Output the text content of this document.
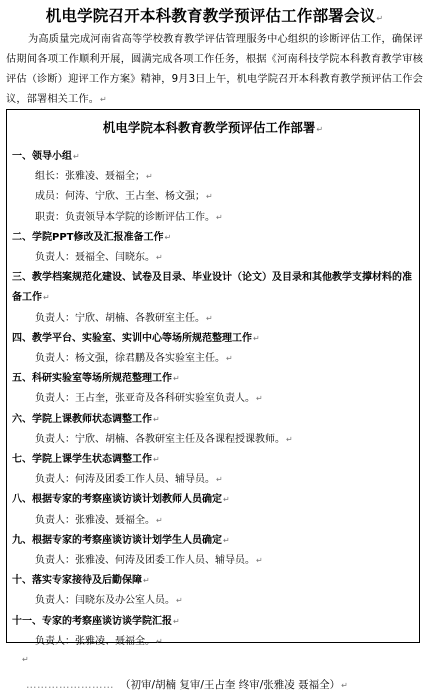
机电学院召开本科教育教学预评估工作部署会议↵
为高质量完成河南省高等学校教育教学评估管理服务中心组织的诊断评估工作，确保评估期间各项工作顺利开展，圆满完成各项工作任务，根据《河南科技学院本科教育教学审核评估（诊断）迎评工作方案》精神，9月3日上午，机电学院召开本科教育教学预评估工作会议，部署相关工作。↵
机电学院本科教育教学预评估工作部署↵
一、领导小组↵
组长：张雅凌、聂福全；↵
成员：何涛、宁欣、王占奎、杨文强；↵
职责：负责领导本学院的诊断评估工作。↵
二、学院PPT修改及汇报准备工作↵
负责人：聂福全、闫晓东。↵
三、教学档案规范化建设、试卷及目录、毕业设计（论文）及目录和其他教学支撑材料的准备工作↵
负责人：宁欣、胡楠、各教研室主任。↵
四、教学平台、实验室、实训中心等场所规范整理工作↵
负责人：杨文强，徐君鹏及各实验室主任。↵
五、科研实验室等场所规范整理工作↵
负责人：王占奎，张亚奇及各科研实验室负责人。↵
六、学院上课教师状态调整工作↵
负责人：宁欣、胡楠、各教研室主任及各课程授课教师。↵
七、学院上课学生状态调整工作↵
负责人：何涛及团委工作人员、辅导员。↵
八、根据专家的考察座谈访谈计划教师人员确定↵
负责人：张雅凌、聂福全。↵
九、根据专家的考察座谈访谈计划学生人员确定↵
负责人：张雅凌、何涛及团委工作人员、辅导员。↵
十、落实专家接待及后勤保障↵
负责人：闫晓东及办公室人员。↵
十一、专家的考察座谈访谈学院汇报↵
负责人：张雅凌、聂福全。↵
↵
…………………… （初审/胡楠 复审/王占奎 终审/张雅凌 聂福全）↵
